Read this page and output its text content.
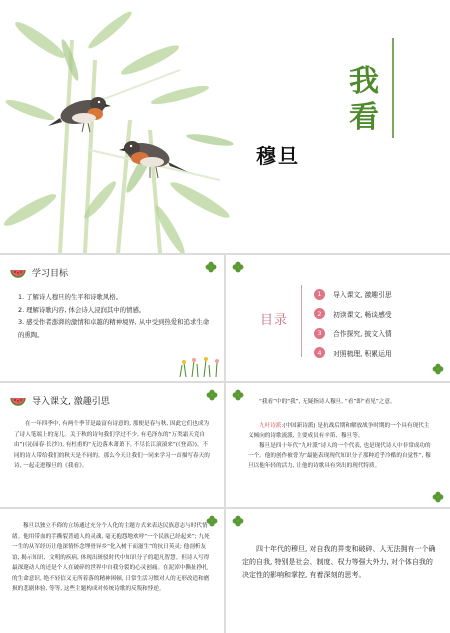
我
看
穆旦
学习目标
1. 了解诗人穆旦的生平和诗歌风格。
2. 理解诗歌内容, 体会诗人浸润其中的情感。
3. 感受作者澎湃的激情和卓越的精神境界, 从中受到热爱和追求生命的熏陶。
目录
1	导入课文, 激趣引思
2	初读课文, 畅谈感受
3	合作探究, 披文入情
4	对照梳理, 积累运用
导入课文, 激趣引思
在一年四季中, 有两个季节是最富有诗意的, 那便是春与秋, 因此它们也成为了诗人笔端上的宠儿。关于秋的诗句我们学过不少, 有毛泽东的“万类霜天竞自由”(《沁园春·长沙》), 有杜甫的“无边落木萧萧下, 不尽长江滚滚来”(《登高》)。不同的诗人带给我们的秋天是不同的。那么今天让我们一同来学习一首描写春天的诗, 一起走进穆旦的《我看》。
“我看”中的“我”, 无疑指诗人穆旦, “看”即“看见”之意。
九叶诗派:(中国新诗派) 是抗战后期和解放战争时期的一个具有现代主义倾向的诗歌流派, 主要成员有辛笛、穆旦等。
穆旦是四十年代“九叶派”诗人的一个代表, 也是现代诗人中非常成功的一个。他的创作被誉为“最能表现现代知识分子那种近乎冷酷的自觉性”, 穆旦以他年轻的活力, 让他的诗歌具有突出的现代特质。
穆旦以独立不倚的立场通过充分个人化的主题方式来表达民族意志与时代情绪。他用带血的手撕裂普通人的灵魂, 毫无抱怨地欢呼“一个民族已经起来”; 九死一生的从军经历让他深情怀念埋骨异乡“化入树干而滋生”的抗日英灵; 他剖析友谊, 揭示知识、文明的疾病, 体现出斑驳时代中知识分子的超凡智慧。但诗人写得最深邃动人的还是个人在破碎的世界中自我分裂的心灵创痛。在泥淖中撕扯挣扎的生命意识, 绝不轻信又无所着落的精神困顿, 日常生活习惯对人的无形改造和磨损的悲剧体验, 等等, 这些主题构成对传统诗歌的反叛和悖逆。
四十年代的穆旦, 对自我的畀变和破碎、人无法拥有一个确定的自我, 特别是社会、制度、权力等强大外力, 对个体自我的决定性的影响和掌控, 有着深刻的思考。
